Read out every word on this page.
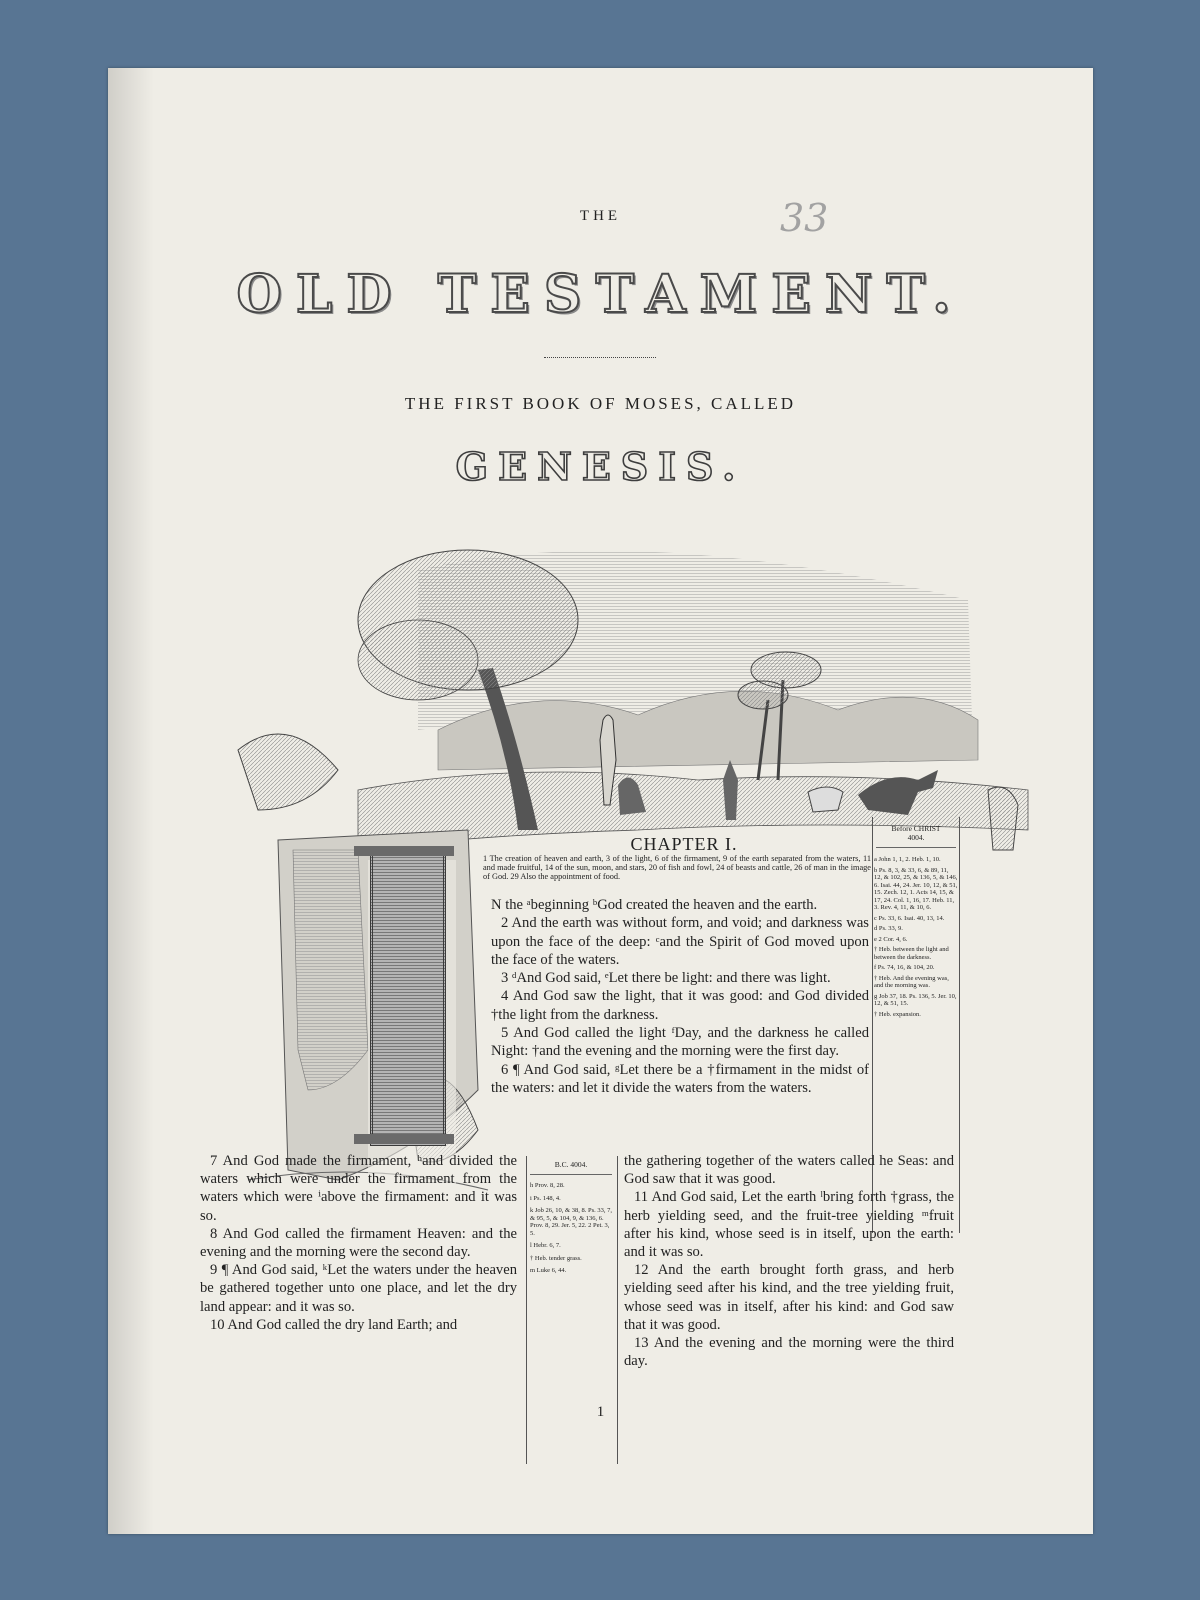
THE	33
OLD TESTAMENT.
THE FIRST BOOK OF MOSES, CALLED
GENESIS.
CHAPTER I.
1 The creation of heaven and earth, 3 of the light, 6 of the firmament, 9 of the earth separated from the waters, 11 and made fruitful, 14 of the sun, moon, and stars, 20 of fish and fowl, 24 of beasts and cattle, 26 of man in the image of God. 29 Also the appointment of food.

N the ᵃbeginning ᵇGod created the heaven and the earth.

2 And the earth was without form, and void; and darkness was upon the face of the deep: ᶜand the Spirit of God moved upon the face of the waters.

3 ᵈAnd God said, ᵉLet there be light: and there was light.

4 And God saw the light, that it was good: and God divided †the light from the darkness.

5 And God called the light ᶠDay, and the darkness he called Night: †and the evening and the morning were the first day.

6 ¶ And God said, ᵍLet there be a †firmament in the midst of the waters: and let it divide the waters from the waters.

Before CHRIST
4004.
a John 1, 1, 2. Heb. 1, 10.
b Ps. 8, 3, & 33, 6, & 89, 11, 12, & 102, 25, & 136, 5, & 146, 6. Isai. 44, 24. Jer. 10, 12, & 51, 15. Zech. 12, 1. Acts 14, 15, & 17, 24. Col. 1, 16, 17. Heb. 11, 3. Rev. 4, 11, & 10, 6.
c Ps. 33, 6. Isai. 40, 13, 14.
d Ps. 33, 9.
e 2 Cor. 4, 6.
† Heb. between the light and between the darkness.
f Ps. 74, 16, & 104, 20.
† Heb. And the evening was, and the morning was.
g Job 37, 18. Ps. 136, 5. Jer. 10, 12, & 51, 15.
† Heb. expansion.

7 And God made the firmament, ʰand divided the waters which were under the firmament from the waters which were ⁱabove the firmament: and it was so.

8 And God called the firmament Heaven: and the evening and the morning were the second day.

9 ¶ And God said, ᵏLet the waters under the heaven be gathered together unto one place, and let the dry land appear: and it was so.

10 And God called the dry land Earth; and

B.C. 4004.
h Prov. 8, 28.
i Ps. 148, 4.
k Job 26, 10, & 38, 8. Ps. 33, 7, & 95, 5, & 104, 9, & 136, 6. Prov. 8, 29. Jer. 5, 22. 2 Pet. 3, 5.
l Hebr. 6, 7.
† Heb. tender grass.
m Luke 6, 44.

the gathering together of the waters called he Seas: and God saw that it was good.

11 And God said, Let the earth ˡbring forth †grass, the herb yielding seed, and the fruit-tree yielding ᵐfruit after his kind, whose seed is in itself, upon the earth: and it was so.

12 And the earth brought forth grass, and herb yielding seed after his kind, and the tree yielding fruit, whose seed was in itself, after his kind: and God saw that it was good.

13 And the evening and the morning were the third day.

1
